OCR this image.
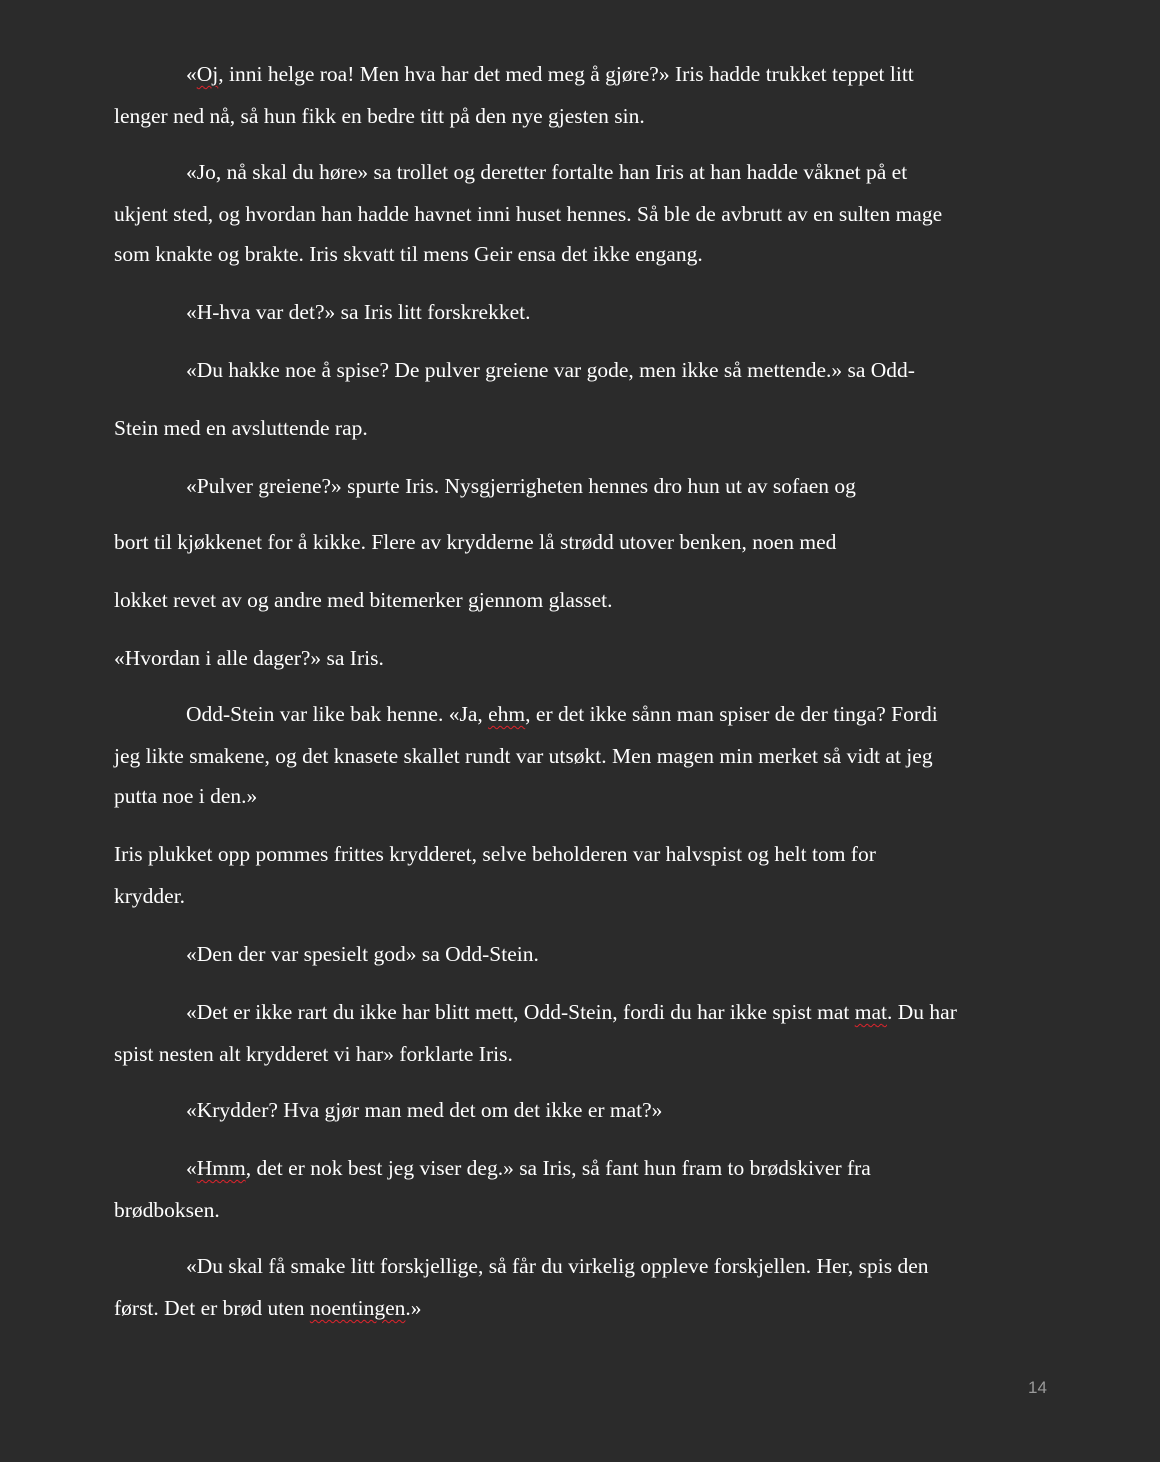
«Oj, inni helge roa! Men hva har det med meg å gjøre?» Iris hadde trukket teppet litt

lenger ned nå, så hun fikk en bedre titt på den nye gjesten sin.

«Jo, nå skal du høre» sa trollet og deretter fortalte han Iris at han hadde våknet på et

ukjent sted, og hvordan han hadde havnet inni huset hennes. Så ble de avbrutt av en sulten mage

som knakte og brakte. Iris skvatt til mens Geir ensa det ikke engang.

«H-hva var det?» sa Iris litt forskrekket.

«Du hakke noe å spise? De pulver greiene var gode, men ikke så mettende.» sa Odd-

Stein med en avsluttende rap.

«Pulver greiene?» spurte Iris. Nysgjerrigheten hennes dro hun ut av sofaen og

bort til kjøkkenet for å kikke. Flere av krydderne lå strødd utover benken, noen med

lokket revet av og andre med bitemerker gjennom glasset.

«Hvordan i alle dager?» sa Iris.

Odd-Stein var like bak henne. «Ja, ehm, er det ikke sånn man spiser de der tinga? Fordi

jeg likte smakene, og det knasete skallet rundt var utsøkt. Men magen min merket så vidt at jeg

putta noe i den.»

Iris plukket opp pommes frittes krydderet, selve beholderen var halvspist og helt tom for

krydder.

«Den der var spesielt god» sa Odd-Stein.

«Det er ikke rart du ikke har blitt mett, Odd-Stein, fordi du har ikke spist mat mat. Du har

spist nesten alt krydderet vi har» forklarte Iris.

«Krydder? Hva gjør man med det om det ikke er mat?»

«Hmm, det er nok best jeg viser deg.» sa Iris, så fant hun fram to brødskiver fra

brødboksen.

«Du skal få smake litt forskjellige, så får du virkelig oppleve forskjellen. Her, spis den

først. Det er brød uten noentingen.»

14
